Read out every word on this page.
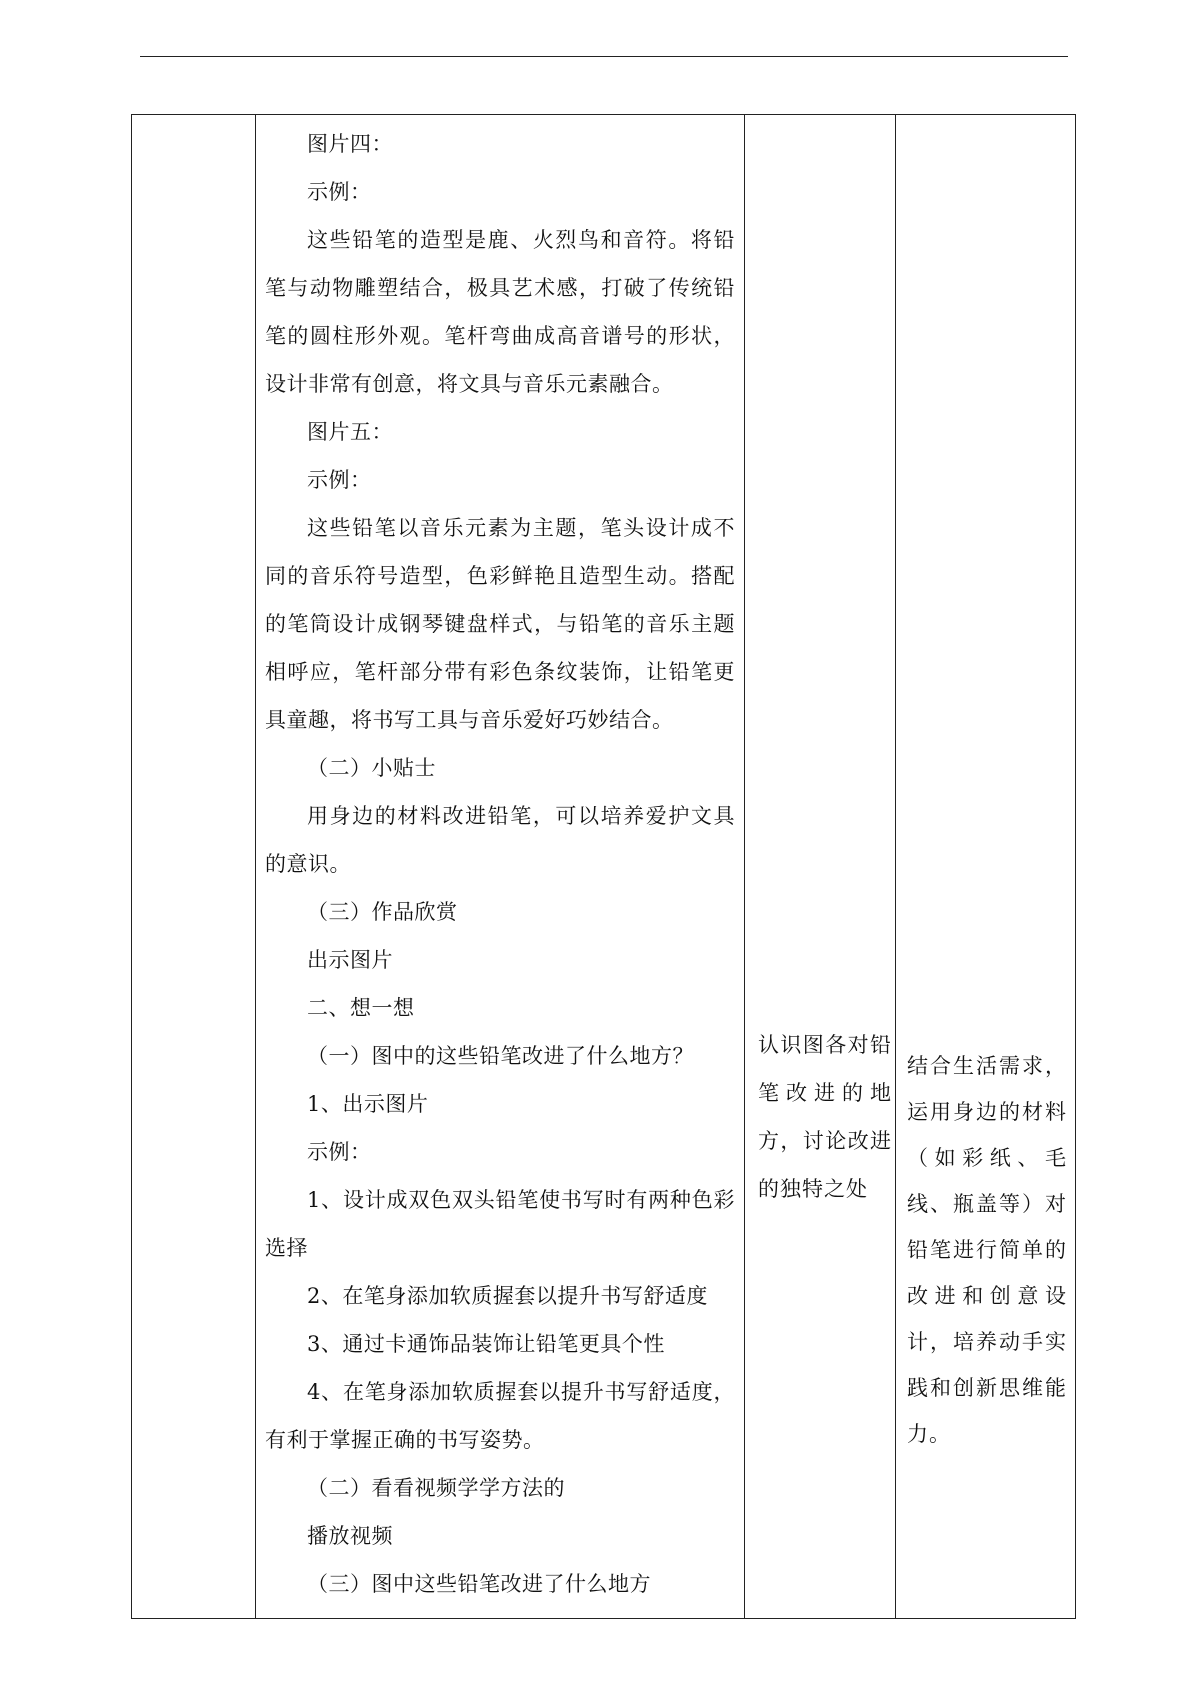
图片四：

示例：

这些铅笔的造型是鹿、火烈鸟和音符。将铅笔与动物雕塑结合，极具艺术感，打破了传统铅笔的圆柱形外观。笔杆弯曲成高音谱号的形状，设计非常有创意，将文具与音乐元素融合。

图片五：

示例：

这些铅笔以音乐元素为主题，笔头设计成不同的音乐符号造型，色彩鲜艳且造型生动。搭配的笔筒设计成钢琴键盘样式，与铅笔的音乐主题相呼应，笔杆部分带有彩色条纹装饰，让铅笔更具童趣，将书写工具与音乐爱好巧妙结合。

（二）小贴士

用身边的材料改进铅笔，可以培养爱护文具的意识。

（三）作品欣赏

出示图片

二、想一想

（一）图中的这些铅笔改进了什么地方？

1、出示图片

示例：

1、设计成双色双头铅笔使书写时有两种色彩选择

2、在笔身添加软质握套以提升书写舒适度

3、通过卡通饰品装饰让铅笔更具个性

4、在笔身添加软质握套以提升书写舒适度，有利于掌握正确的书写姿势。

（二）看看视频学学方法的

播放视频

（三）图中这些铅笔改进了什么地方

认识图各对铅笔改进的地方，讨论改进的独特之处
结合生活需求，运用身边的材料（如彩纸、毛线、瓶盖等）对铅笔进行简单的改进和创意设计，培养动手实践和创新思维能力。
